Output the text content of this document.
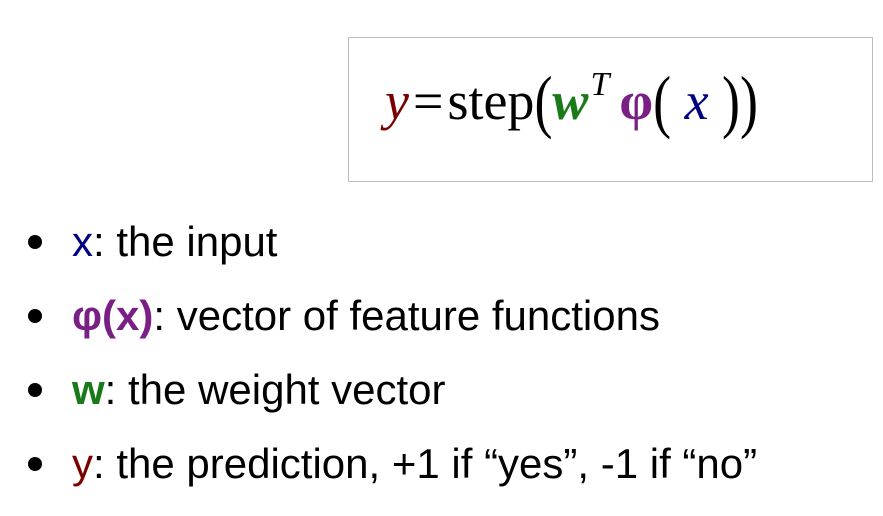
$y=step(w^T$ φ( x ))
x: the input
φ(x): vector of feature functions
w: the weight vector
y: the prediction, +1 if “yes”, -1 if “no”
